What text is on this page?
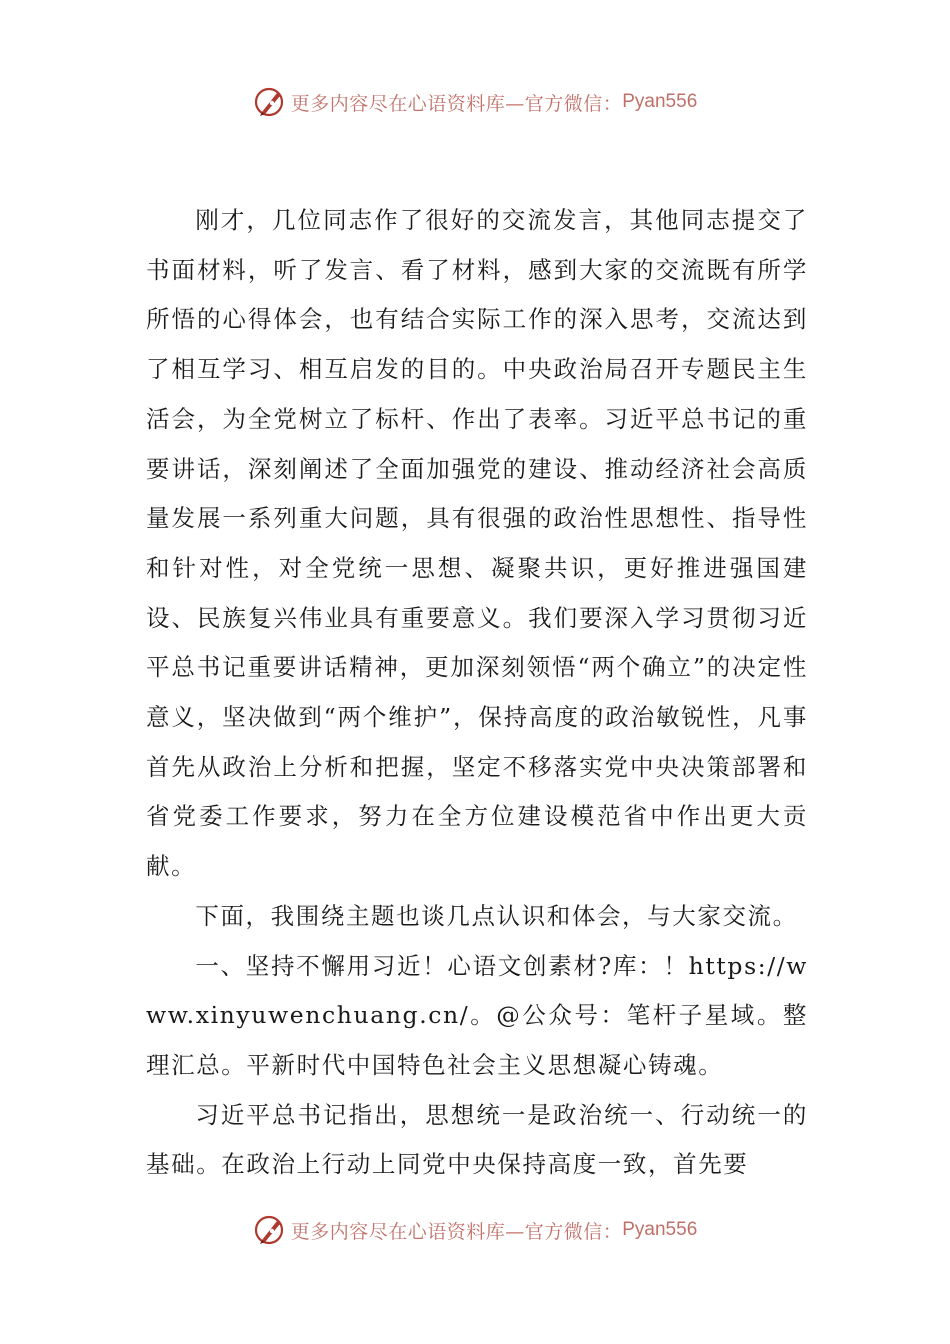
更多内容尽在心语资料库—官方微信： Pyan556

刚才，几位同志作了很好的交流发言，其他同志提交了书面材料，听了发言、看了材料，感到大家的交流既有所学所悟的心得体会，也有结合实际工作的深入思考，交流达到了相互学习、相互启发的目的。中央政治局召开专题民主生活会，为全党树立了标杆、作出了表率。习近平总书记的重要讲话，深刻阐述了全面加强党的建设、推动经济社会高质量发展一系列重大问题，具有很强的政治性思想性、指导性和针对性，对全党统一思想、凝聚共识，更好推进强国建设、民族复兴伟业具有重要意义。我们要深入学习贯彻习近平总书记重要讲话精神，更加深刻领悟“两个确立”的决定性意义，坚决做到“两个维护”，保持高度的政治敏锐性，凡事首先从政治上分析和把握，坚定不移落实党中央决策部署和省党委工作要求，努力在全方位建设模范省中作出更大贡献。

下面，我围绕主题也谈几点认识和体会，与大家交流。

一、坚持不懈用习近！心语文创素材?库：！https://www.xinyuwenchuang.cn/。@公众号：笔杆子星域。整理汇总。平新时代中国特色社会主义思想凝心铸魂。

习近平总书记指出，思想统一是政治统一、行动统一的基础。在政治上行动上同党中央保持高度一致，首先要

更多内容尽在心语资料库—官方微信： Pyan556
